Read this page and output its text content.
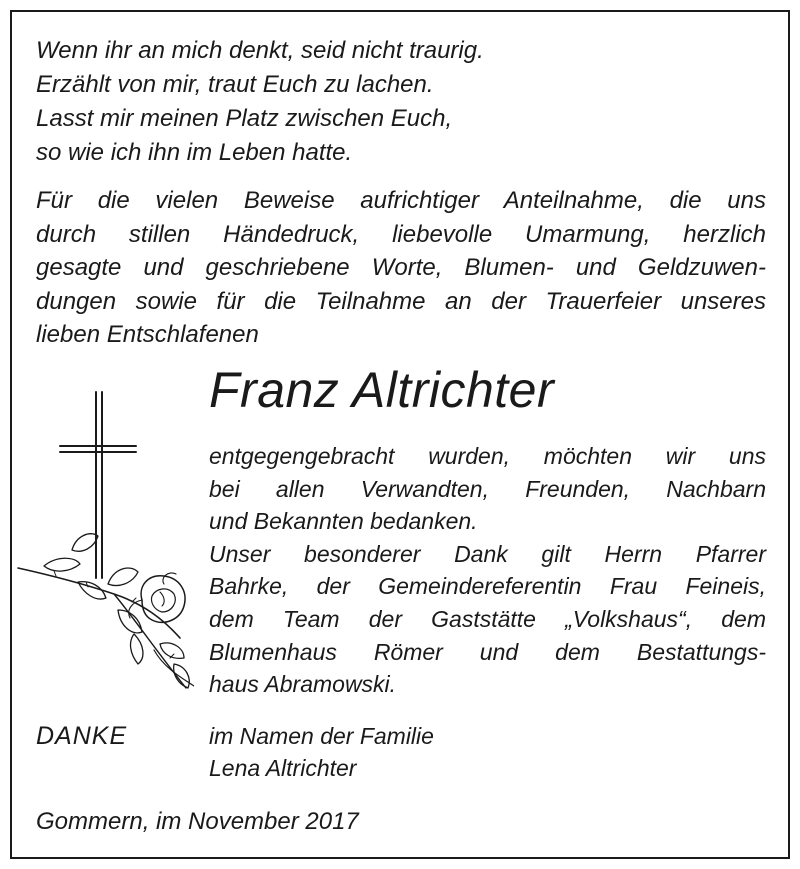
Wenn ihr an mich denkt, seid nicht traurig.
Erzählt von mir, traut Euch zu lachen.
Lasst mir meinen Platz zwischen Euch,
so wie ich ihn im Leben hatte.
Für die vielen Beweise aufrichtiger Anteilnahme, die uns
durch stillen Händedruck, liebevolle Umarmung, herzlich
gesagte und geschriebene Worte, Blumen- und Geldzuwen-
dungen sowie für die Teilnahme an der Trauerfeier unseres
lieben Entschlafenen
Franz Altrichter
entgegengebracht wurden, möchten wir uns
bei allen Verwandten, Freunden, Nachbarn
und Bekannten bedanken.
Unser besonderer Dank gilt Herrn Pfarrer
Bahrke, der Gemeindereferentin Frau Feineis,
dem Team der Gaststätte „Volkshaus“, dem
Blumenhaus Römer und dem Bestattungs-
haus Abramowski.
DANKE	im Namen der Familie
Lena Altrichter
Gommern, im November 2017
